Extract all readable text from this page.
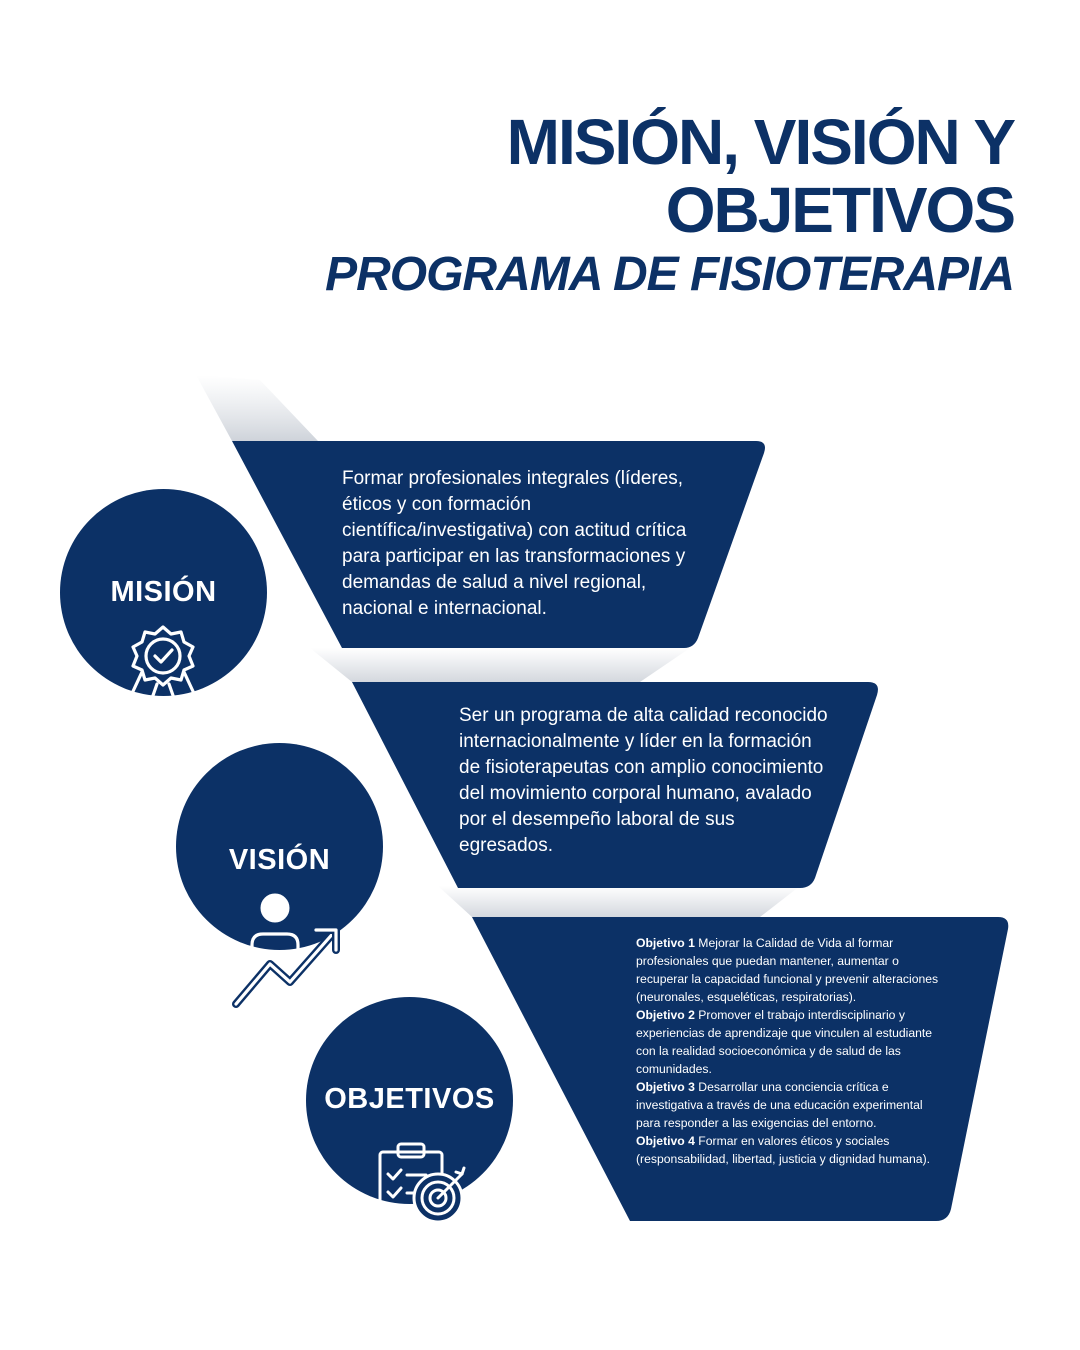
MISIÓN, VISIÓN Y
OBJETIVOS
PROGRAMA DE FISIOTERAPIA
Formar profesionales integrales (líderes, éticos y con formación científica/investigativa) con actitud crítica para participar en las transformaciones y demandas de salud a nivel regional, nacional e internacional.
Ser un programa de alta calidad reconocido internacionalmente y líder en la formación de fisioterapeutas con amplio conocimiento del movimiento corporal humano, avalado por el desempeño laboral de sus egresados.
Objetivo 1 Mejorar la Calidad de Vida al formar profesionales que puedan mantener, aumentar o recuperar la capacidad funcional y prevenir alteraciones (neuronales, esqueléticas, respiratorias).
Objetivo 2 Promover el trabajo interdisciplinario y experiencias de aprendizaje que vinculen al estudiante con la realidad socioeconómica y de salud de las comunidades.
Objetivo 3 Desarrollar una conciencia crítica e investigativa a través de una educación experimental para responder a las exigencias del entorno.
Objetivo 4 Formar en valores éticos y sociales (responsabilidad, libertad, justicia y dignidad humana).
MISIÓN
VISIÓN
OBJETIVOS
